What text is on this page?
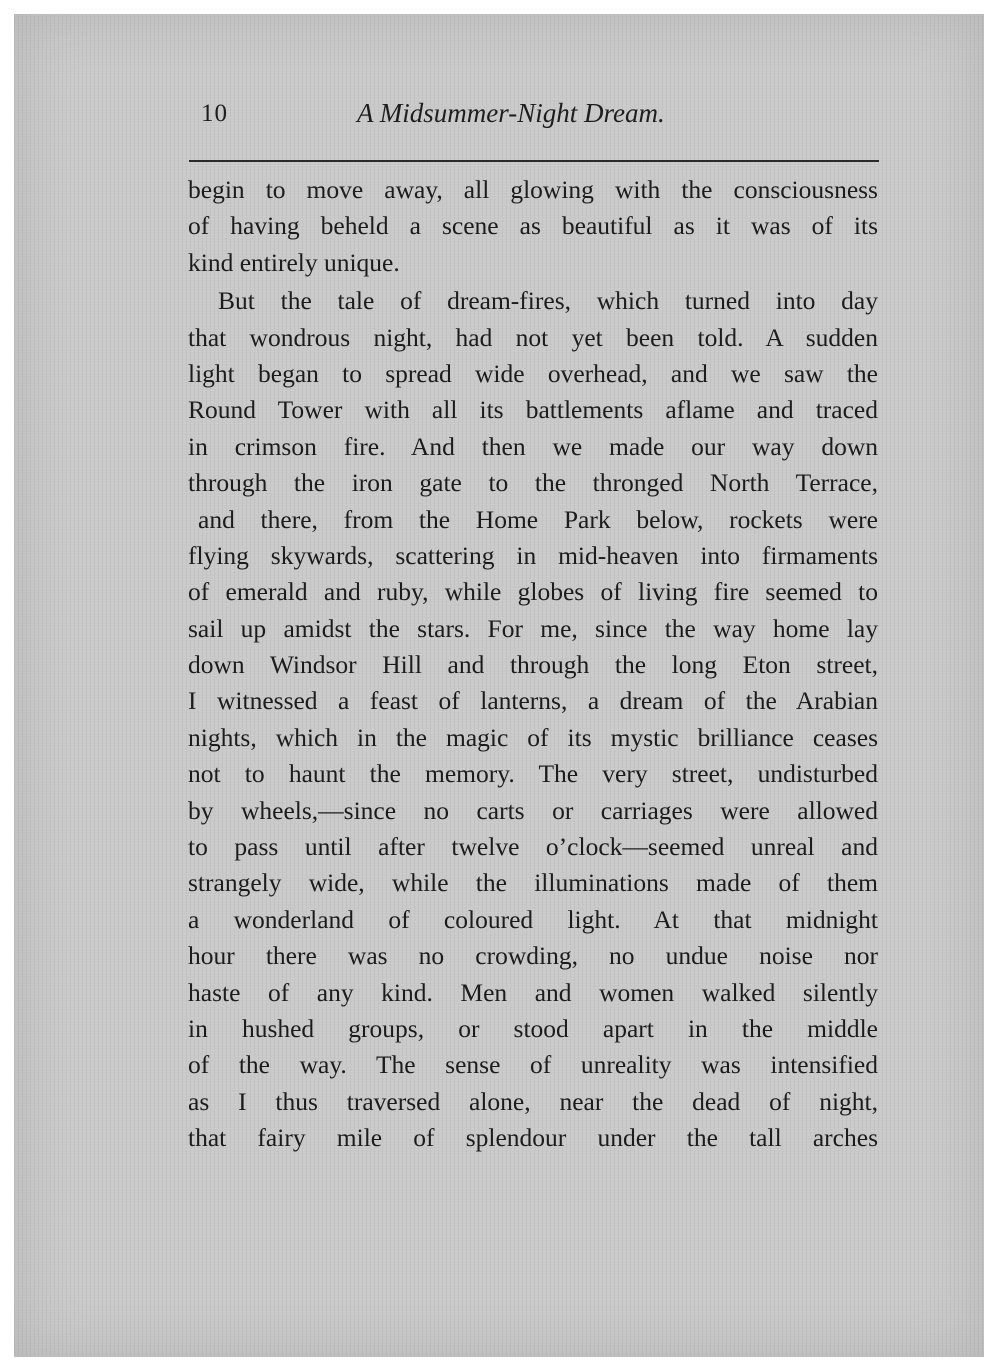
10	A Midsummer-Night Dream.
begin to move away, all glowing with the consciousness
of having beheld a scene as beautiful as it was of its
kind entirely unique.
But the tale of dream-fires, which turned into day
that wondrous night, had not yet been told. A sudden
light began to spread wide overhead, and we saw the
Round Tower with all its battlements aflame and traced
in crimson fire. And then we made our way down
through the iron gate to the thronged North Terrace,
and there, from the Home Park below, rockets were
flying skywards, scattering in mid-heaven into firmaments
of emerald and ruby, while globes of living fire seemed to
sail up amidst the stars. For me, since the way home lay
down Windsor Hill and through the long Eton street,
I witnessed a feast of lanterns, a dream of the Arabian
nights, which in the magic of its mystic brilliance ceases
not to haunt the memory. The very street, undisturbed
by wheels,—since no carts or carriages were allowed
to pass until after twelve o’clock—seemed unreal and
strangely wide, while the illuminations made of them
a wonderland of coloured light. At that midnight
hour there was no crowding, no undue noise nor
haste of any kind. Men and women walked silently
in hushed groups, or stood apart in the middle
of the way. The sense of unreality was intensified
as I thus traversed alone, near the dead of night,
that fairy mile of splendour under the tall arches
